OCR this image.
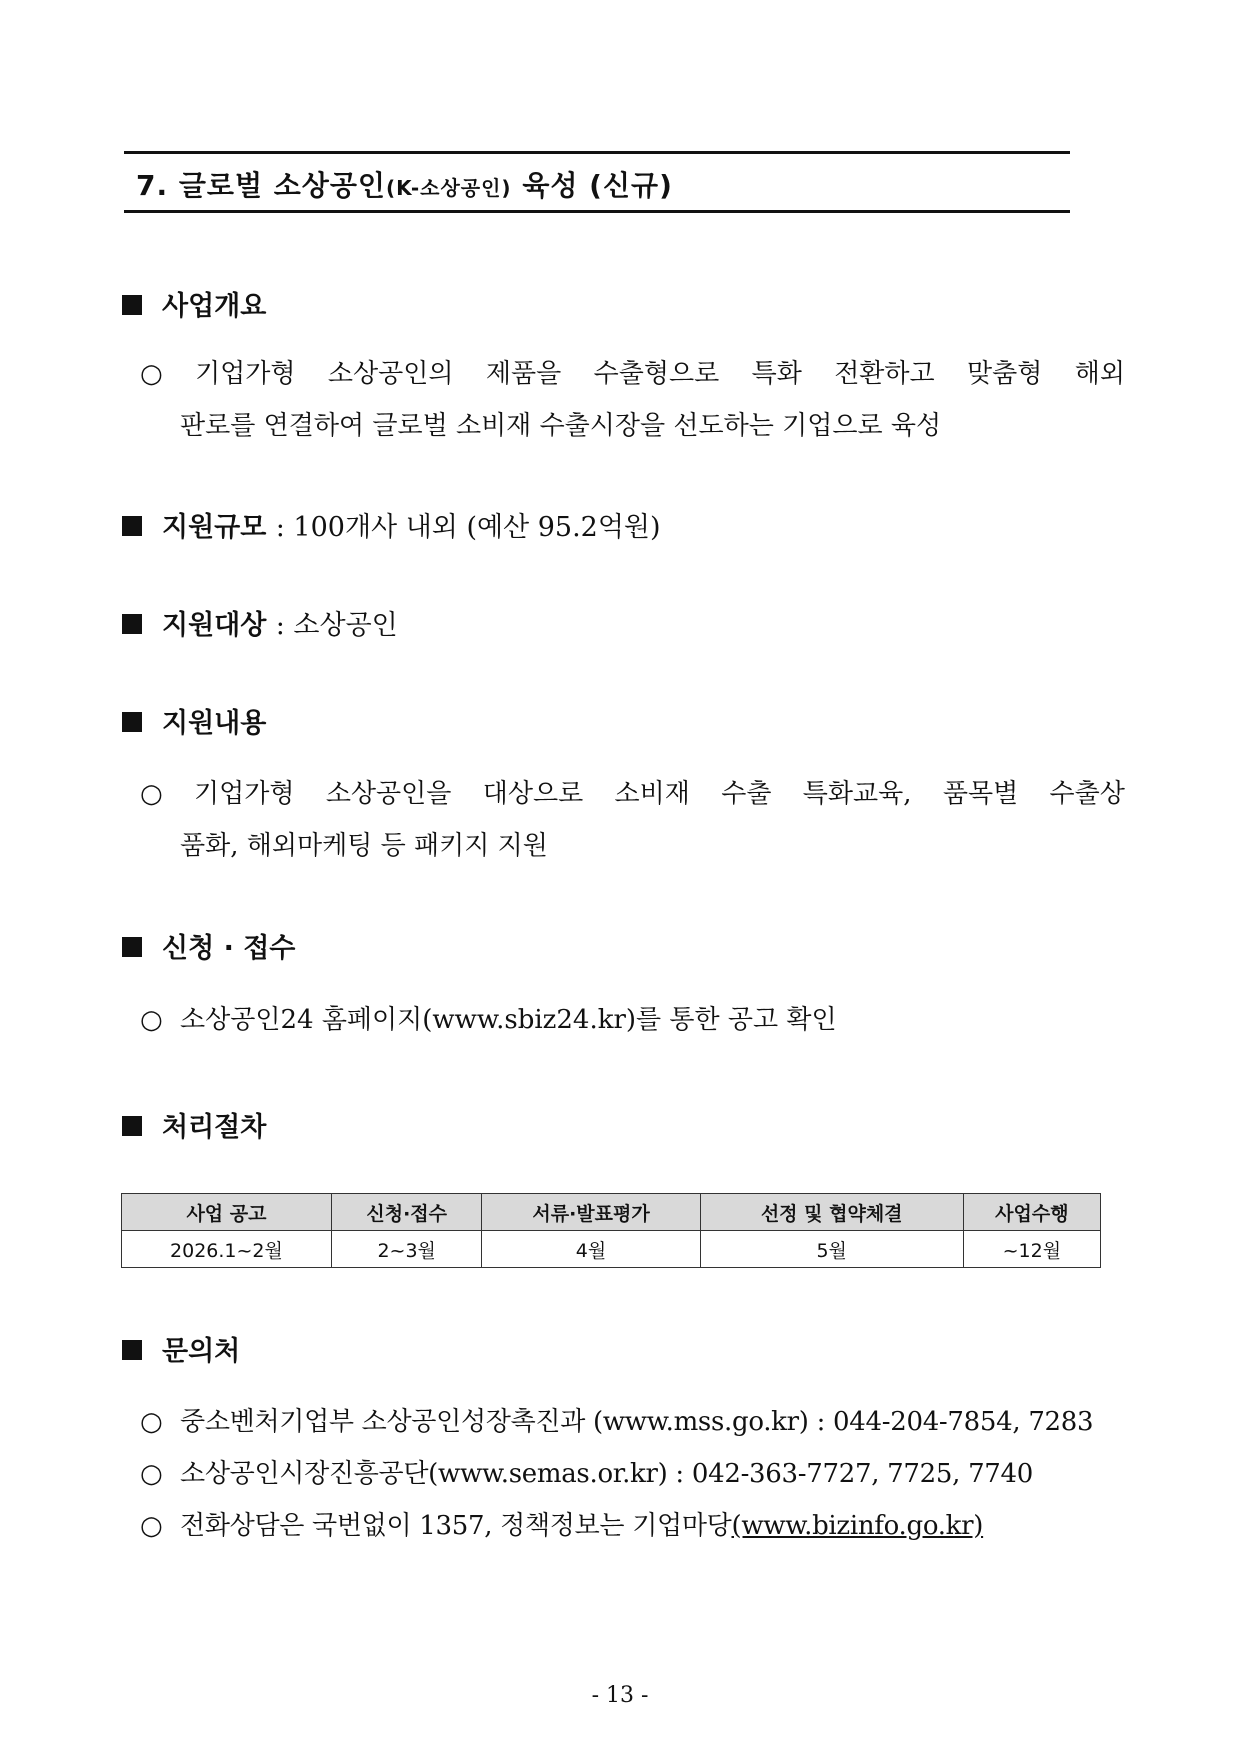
7. 글로벌 소상공인(K-소상공인) 육성 (신규)
사업개요
○ 기업가형 소상공인의 제품을 수출형으로 특화 전환하고 맞춤형 해외
판로를 연결하여 글로벌 소비재 수출시장을 선도하는 기업으로 육성
지원규모 : 100개사 내외 (예산 95.2억원)
지원대상 : 소상공인
지원내용
○ 기업가형 소상공인을 대상으로 소비재 수출 특화교육, 품목별 수출상
품화, 해외마케팅 등 패키지 지원
신청 · 접수
○ 소상공인24 홈페이지(www.sbiz24.kr)를 통한 공고 확인
처리절차
사업 공고	신청·접수	서류·발표평가	선정 및 협약체결	사업수행
2026.1~2월	2~3월	4월	5월	~12월
문의처
○ 중소벤처기업부 소상공인성장촉진과 (www.mss.go.kr) : 044-204-7854, 7283
○ 소상공인시장진흥공단(www.semas.or.kr) : 042-363-7727, 7725, 7740
○ 전화상담은 국번없이 1357, 정책정보는 기업마당(www.bizinfo.go.kr)
- 13 -
